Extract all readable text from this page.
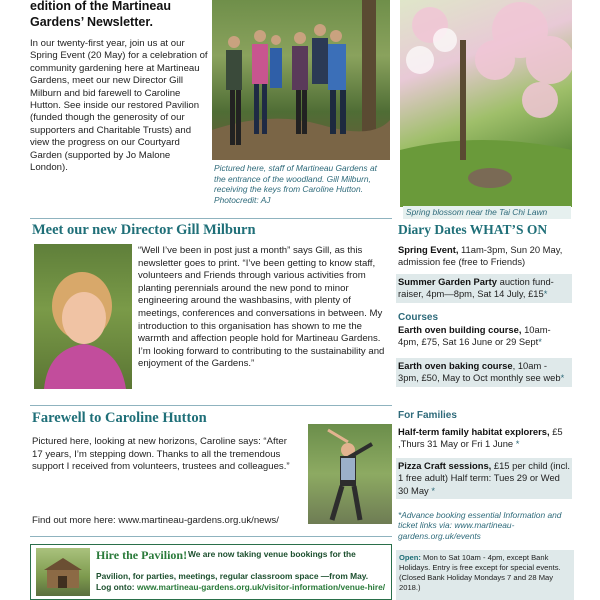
edition of the Martineau Gardens’ Newsletter.
In our twenty-first year, join us at our Spring Event (20 May) for a celebration of community gardening here at Martineau Gardens, meet our new Director Gill Milburn and bid farewell to Caroline Hutton. See inside our restored Pavilion (funded though the generosity of our supporters and Charitable Trusts) and view the progress on our Courtyard Garden (supported by Jo Malone London).	Pictured here, staff of Martineau Gardens at the entrance of the woodland. Gill Milburn, receiving the keys from Caroline Hutton. Photocredit: AJ
Spring blossom near the Tai Chi Lawn
Meet our new Director Gill Milburn
“Well I’ve been in post just a month” says Gill, as this newsletter goes to print. “I’ve been getting to know staff, volunteers and Friends through various activities from planting perennials around the new pond to minor engineering around the washbasins, with plenty of meetings, conferences and conversations in between. My introduction to this organisation has shown to me the warmth and affection people hold for Martineau Gardens. I’m looking forward to contributing to the sustainability and enjoyment of the Gardens.”
Farewell to Caroline Hutton
Pictured here, looking at new horizons, Caroline says: “After 17 years, I’m stepping down. Thanks to all the tremendous support I received from volunteers, trustees and colleagues.”
Find out more here: www.martineau-gardens.org.uk/news/
Hire the Pavilion! We are now taking venue bookings for the
Pavilion, for parties, meetings, regular classroom space —from May.
Log onto: www.martineau-gardens.org.uk/visitor-information/venue-hire/
Diary Dates WHAT’S ON
Spring Event, 11am-3pm, Sun 20 May, admission fee (free to Friends)
Summer Garden Party auction fund-raiser, 4pm—8pm, Sat 14 July, £15*
Courses
Earth oven building course, 10am-4pm, £75, Sat 16 June or 29 Sept*
Earth oven baking course, 10am - 3pm, £50, May to Oct monthly see web*
For Families
Half-term family habitat explorers, £5 ,Thurs 31 May or Fri 1 June *
Pizza Craft sessions, £15 per child (incl. 1 free adult) Half term: Tues 29 or Wed 30 May *
*Advance booking essential Information and ticket links via: www.martineau-gardens.org.uk/events
Open: Mon to Sat 10am - 4pm, except Bank Holidays. Entry is free except for special events. (Closed Bank Holiday Mondays 7 and 28 May 2018.)
